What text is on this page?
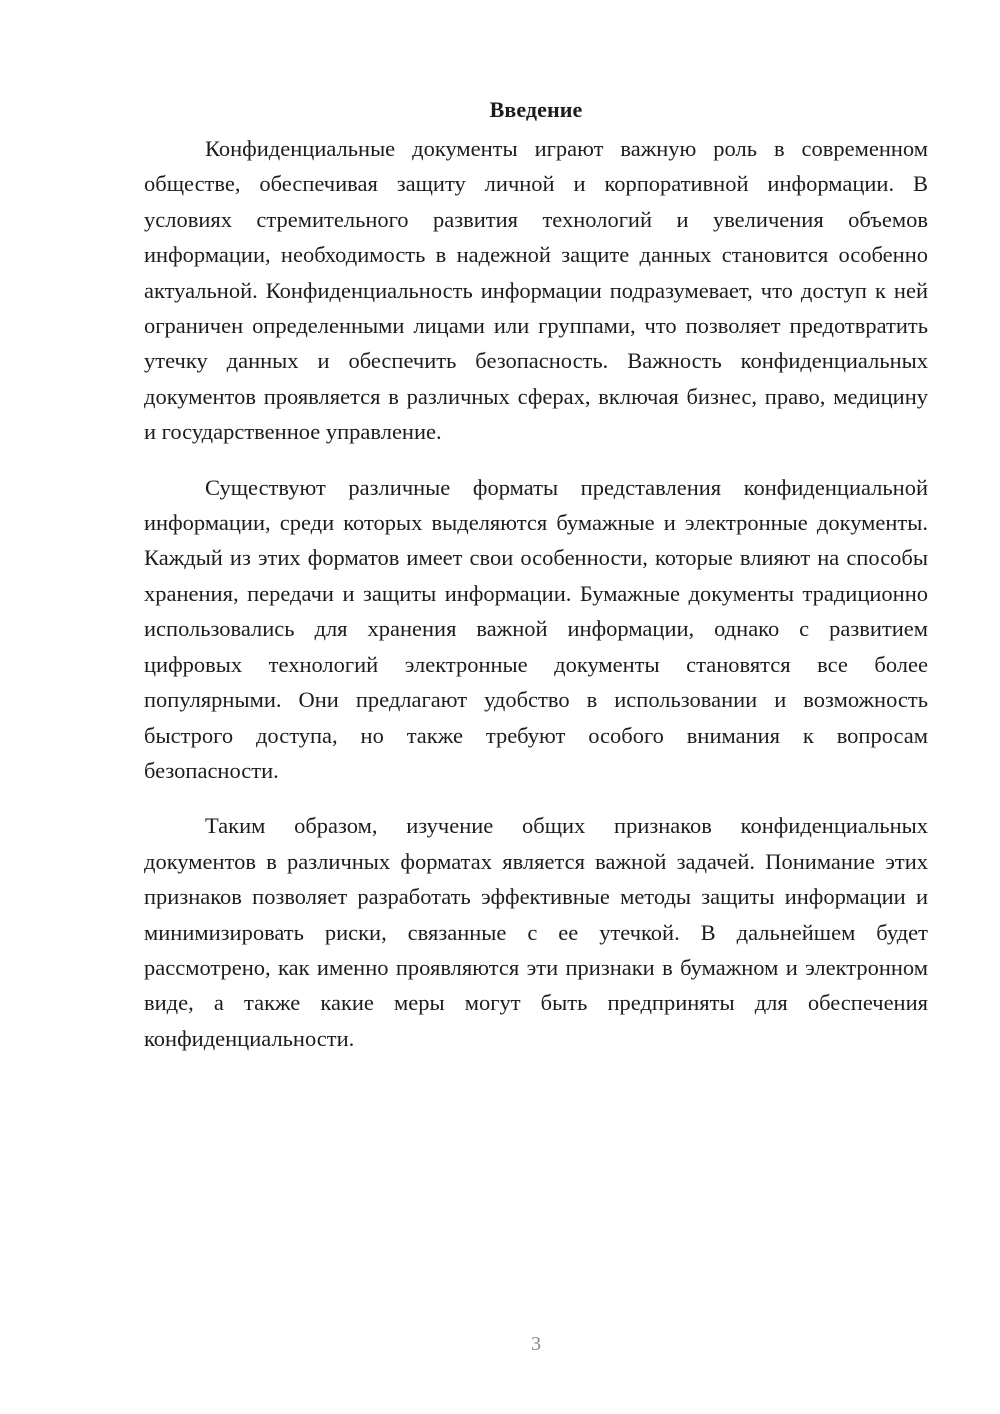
Введение

Конфиденциальные документы играют важную роль в современном обществе, обеспечивая защиту личной и корпоративной информации. В условиях стремительного развития технологий и увеличения объемов информации, необходимость в надежной защите данных становится особенно актуальной. Конфиденциальность информации подразумевает, что доступ к ней ограничен определенными лицами или группами, что позволяет предотвратить утечку данных и обеспечить безопасность. Важность конфиденциальных документов проявляется в различных сферах, включая бизнес, право, медицину и государственное управление.

Существуют различные форматы представления конфиденциальной информации, среди которых выделяются бумажные и электронные документы. Каждый из этих форматов имеет свои особенности, которые влияют на способы хранения, передачи и защиты информации. Бумажные документы традиционно использовались для хранения важной информации, однако с развитием цифровых технологий электронные документы становятся все более популярными. Они предлагают удобство в использовании и возможность быстрого доступа, но также требуют особого внимания к вопросам безопасности.

Таким образом, изучение общих признаков конфиденциальных документов в различных форматах является важной задачей. Понимание этих признаков позволяет разработать эффективные методы защиты информации и минимизировать риски, связанные с ее утечкой. В дальнейшем будет рассмотрено, как именно проявляются эти признаки в бумажном и электронном виде, а также какие меры могут быть предприняты для обеспечения конфиденциальности.

3
